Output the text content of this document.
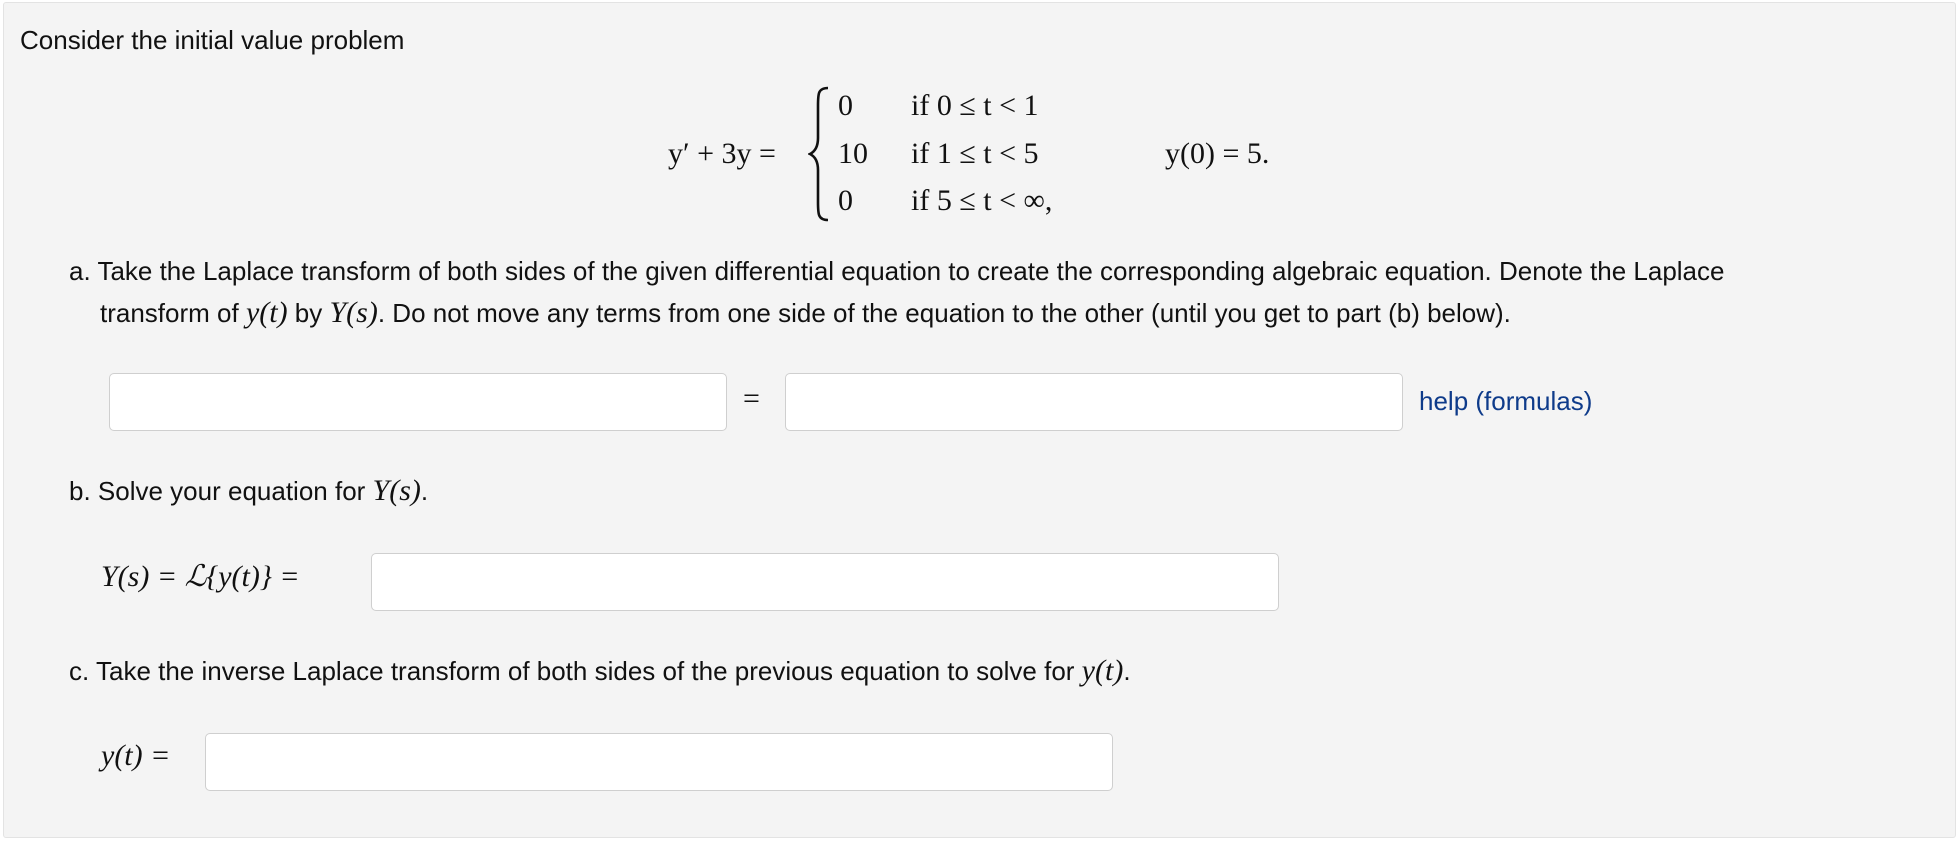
Consider the initial value problem
y′ + 3y =
0 if 0 ≤ t < 1
10 if 1 ≤ t < 5
0 if 5 ≤ t < ∞,
y(0) = 5.
a. Take the Laplace transform of both sides of the given differential equation to create the corresponding algebraic equation. Denote the Laplace
transform of y(t) by Y(s). Do not move any terms from one side of the equation to the other (until you get to part (b) below).
=	help (formulas)
b. Solve your equation for Y(s).
Y(s) = ℒ{y(t)} =
c. Take the inverse Laplace transform of both sides of the previous equation to solve for y(t).
y(t) =
